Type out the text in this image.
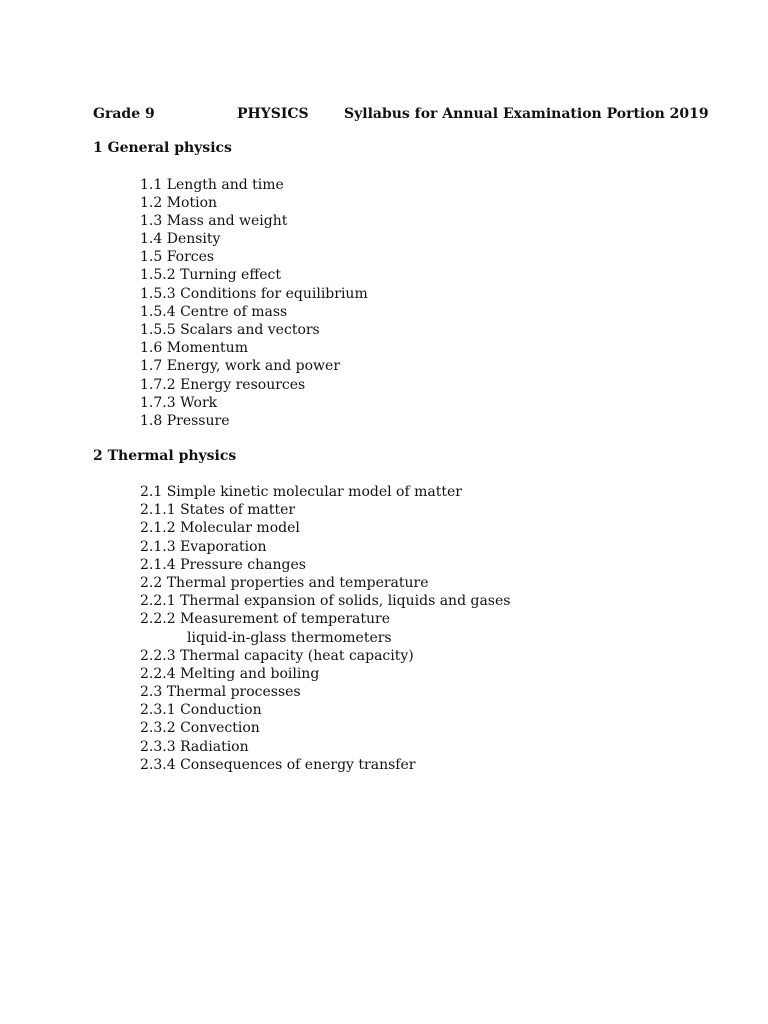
Grade 9	PHYSICS	Syllabus for Annual Examination Portion 2019
1 General physics
1.1 Length and time
1.2 Motion
1.3 Mass and weight
1.4 Density
1.5 Forces
1.5.2 Turning effect
1.5.3 Conditions for equilibrium
1.5.4 Centre of mass
1.5.5 Scalars and vectors
1.6 Momentum
1.7 Energy, work and power
1.7.2 Energy resources
1.7.3 Work
1.8 Pressure
2 Thermal physics
2.1 Simple kinetic molecular model of matter
2.1.1 States of matter
2.1.2 Molecular model
2.1.3 Evaporation
2.1.4 Pressure changes
2.2 Thermal properties and temperature
2.2.1 Thermal expansion of solids, liquids and gases
2.2.2 Measurement of temperature
liquid-in-glass thermometers
2.2.3 Thermal capacity (heat capacity)
2.2.4 Melting and boiling
2.3 Thermal processes
2.3.1 Conduction
2.3.2 Convection
2.3.3 Radiation
2.3.4 Consequences of energy transfer
